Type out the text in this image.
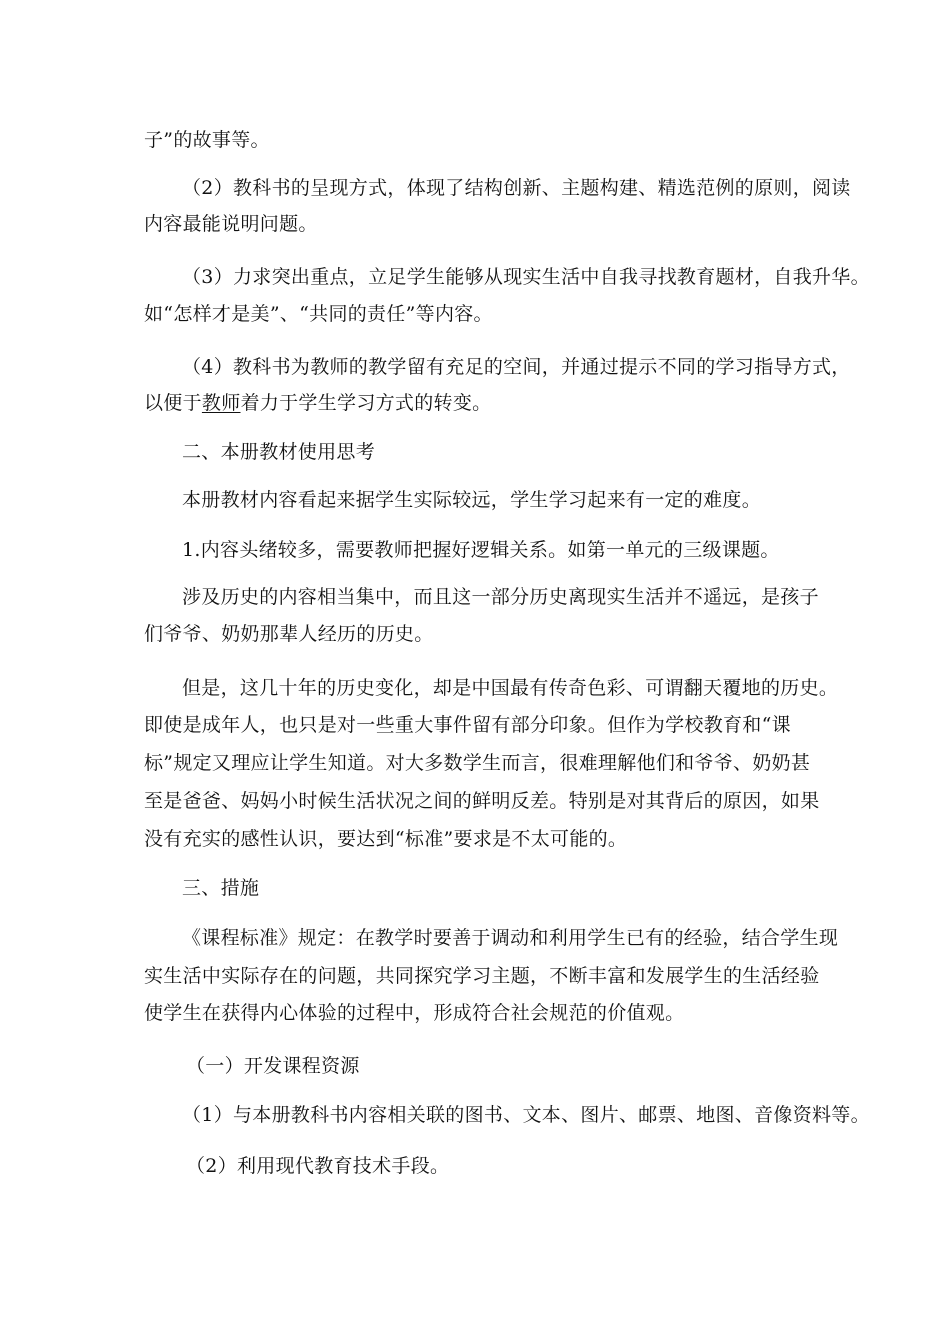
子”的故事等。
（2）教科书的呈现方式，体现了结构创新、主题构建、精选范例的原则，阅读
内容最能说明问题。
（3）力求突出重点，立足学生能够从现实生活中自我寻找教育题材，自我升华。
如“怎样才是美”、“共同的责任”等内容。
（4）教科书为教师的教学留有充足的空间，并通过提示不同的学习指导方式，
以便于教师着力于学生学习方式的转变。
二、本册教材使用思考
本册教材内容看起来据学生实际较远，学生学习起来有一定的难度。
1.内容头绪较多，需要教师把握好逻辑关系。如第一单元的三级课题。
涉及历史的内容相当集中，而且这一部分历史离现实生活并不遥远，是孩子
们爷爷、奶奶那辈人经历的历史。
但是，这几十年的历史变化，却是中国最有传奇色彩、可谓翻天覆地的历史。
即使是成年人，也只是对一些重大事件留有部分印象。但作为学校教育和“课
标”规定又理应让学生知道。对大多数学生而言，很难理解他们和爷爷、奶奶甚
至是爸爸、妈妈小时候生活状况之间的鲜明反差。特别是对其背后的原因，如果
没有充实的感性认识，要达到“标准”要求是不太可能的。
三、措施
《课程标准》规定：在教学时要善于调动和利用学生已有的经验，结合学生现
实生活中实际存在的问题，共同探究学习主题，不断丰富和发展学生的生活经验
使学生在获得内心体验的过程中，形成符合社会规范的价值观。
（一）开发课程资源
（1）与本册教科书内容相关联的图书、文本、图片、邮票、地图、音像资料等。
（2）利用现代教育技术手段。
